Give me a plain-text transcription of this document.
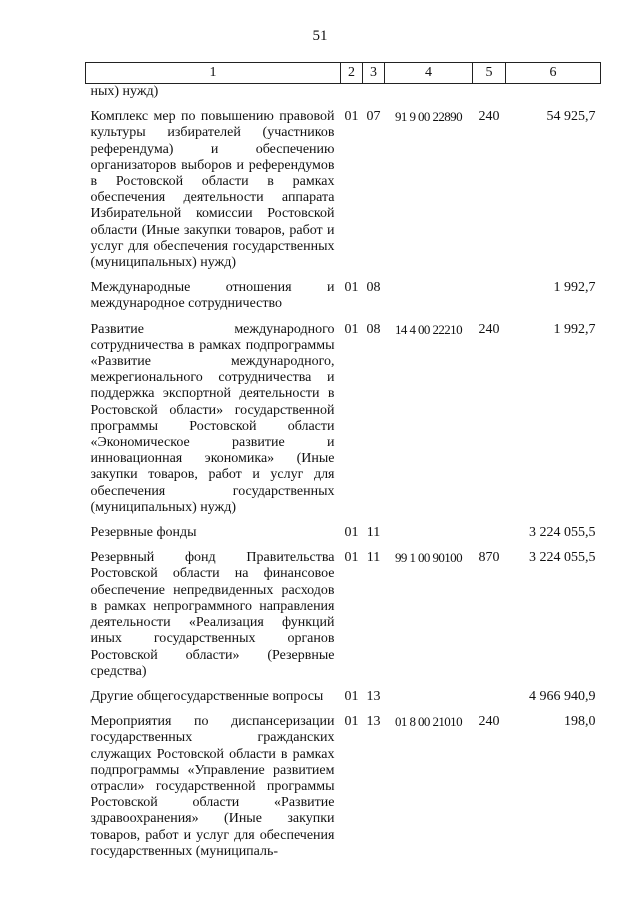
51
1	2	3	4	5	6
ных) нужд)					
Комплекс мер по повышению правовой культуры избирателей (участников референдума) и обеспечению организаторов выборов и референдумов в Ростовской области в рамках обеспечения деятельности аппарата Избирательной комиссии Ростовской области (Иные закупки товаров, работ и услуг для обеспечения государственных (муниципальных) нужд)	01	07	91 9 00 22890	240	54 925,7
Международные отношения и международное сотрудничество	01	08			1 992,7
Развитие международного сотрудничества в рамках подпрограммы «Развитие международного, межрегионального сотрудничества и поддержка экспортной деятельности в Ростовской области» государственной программы Ростовской области «Экономическое развитие и инновационная экономика» (Иные закупки товаров, работ и услуг для обеспечения государственных (муниципальных) нужд)	01	08	14 4 00 22210	240	1 992,7
Резервные фонды	01	11			3 224 055,5
Резервный фонд Правительства Ростовской области на финансовое обеспечение непредвиденных расходов в рамках непрограммного направления деятельности «Реализация функций иных государственных органов Ростовской области» (Резервные средства)	01	11	99 1 00 90100	870	3 224 055,5
Другие общегосударственные вопросы	01	13			4 966 940,9
Мероприятия по диспансеризации государственных гражданских служащих Ростовской области в рамках подпрограммы «Управление развитием отрасли» государственной программы Ростовской области «Развитие здравоохранения» (Иные закупки товаров, работ и услуг для обеспечения государственных (муниципаль-	01	13	01 8 00 21010	240	198,0
